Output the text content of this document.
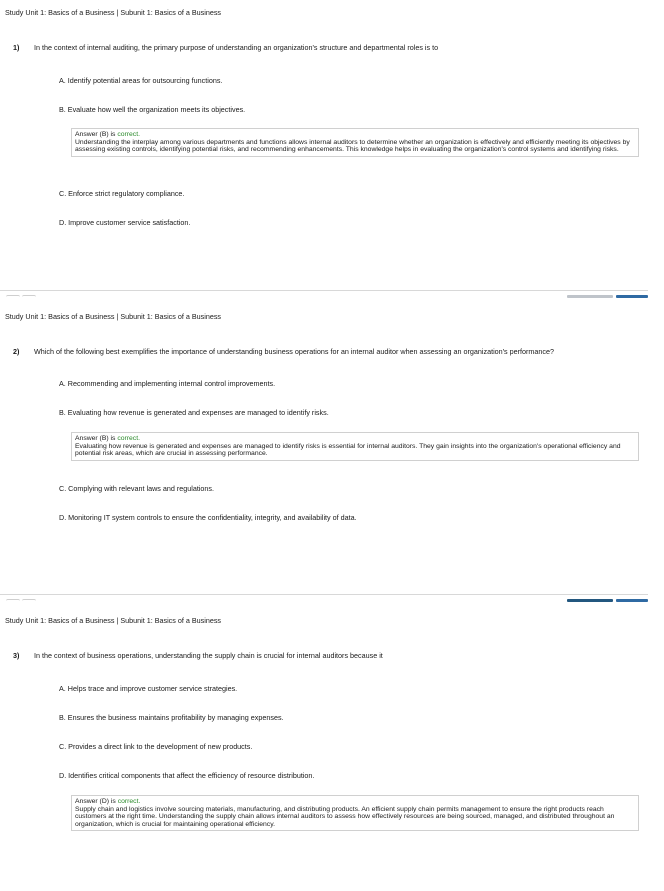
Study Unit 1: Basics of a Business | Subunit 1: Basics of a Business
1) In the context of internal auditing, the primary purpose of understanding an organization's structure and departmental roles is to
A. Identify potential areas for outsourcing functions.
B. Evaluate how well the organization meets its objectives.
Answer (B) is correct.
Understanding the interplay among various departments and functions allows internal auditors to determine whether an organization is effectively and efficiently meeting its objectives by assessing existing controls, identifying potential risks, and recommending enhancements. This knowledge helps in evaluating the organization's control systems and identifying risks.
C. Enforce strict regulatory compliance.
D. Improve customer service satisfaction.
Study Unit 1: Basics of a Business | Subunit 1: Basics of a Business
2) Which of the following best exemplifies the importance of understanding business operations for an internal auditor when assessing an organization's performance?
A. Recommending and implementing internal control improvements.
B. Evaluating how revenue is generated and expenses are managed to identify risks.
Answer (B) is correct.
Evaluating how revenue is generated and expenses are managed to identify risks is essential for internal auditors. They gain insights into the organization's operational efficiency and potential risk areas, which are crucial in assessing performance.
C. Complying with relevant laws and regulations.
D. Monitoring IT system controls to ensure the confidentiality, integrity, and availability of data.
Study Unit 1: Basics of a Business | Subunit 1: Basics of a Business
3) In the context of business operations, understanding the supply chain is crucial for internal auditors because it
A. Helps trace and improve customer service strategies.
B. Ensures the business maintains profitability by managing expenses.
C. Provides a direct link to the development of new products.
D. Identifies critical components that affect the efficiency of resource distribution.
Answer (D) is correct.
Supply chain and logistics involve sourcing materials, manufacturing, and distributing products. An efficient supply chain permits management to ensure the right products reach customers at the right time. Understanding the supply chain allows internal auditors to assess how effectively resources are being sourced, managed, and distributed throughout an organization, which is crucial for maintaining operational efficiency.
